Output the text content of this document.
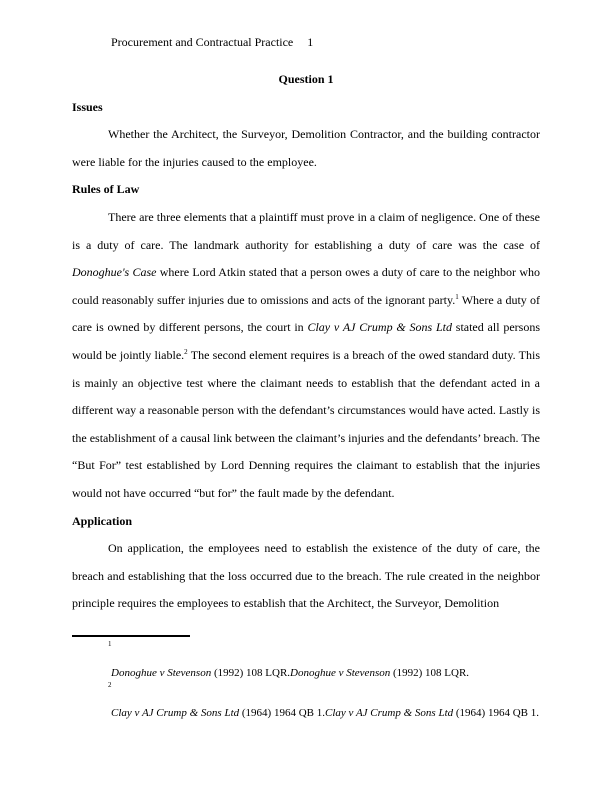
Procurement and Contractual Practice 1
Question 1
Issues

Whether the Architect, the Surveyor, Demolition Contractor, and the building contractor were liable for the injuries caused to the employee.

Rules of Law

There are three elements that a plaintiff must prove in a claim of negligence. One of these is a duty of care. The landmark authority for establishing a duty of care was the case of Donoghue's Case where Lord Atkin stated that a person owes a duty of care to the neighbor who could reasonably suffer injuries due to omissions and acts of the ignorant party.$^1$ Where a duty of care is owned by different persons, the court in Clay v AJ Crump & Sons Ltd stated all persons would be jointly liable.$^2$ The second element requires is a breach of the owed standard duty. This is mainly an objective test where the claimant needs to establish that the defendant acted in a different way a reasonable person with the defendant’s circumstances would have acted. Lastly is the establishment of a causal link between the claimant’s injuries and the defendants’ breach. The “But For” test established by Lord Denning requires the claimant to establish that the injuries would not have occurred “but for” the fault made by the defendant.

Application

On application, the employees need to establish the existence of the duty of care, the breach and establishing that the loss occurred due to the breach. The rule created in the neighbor principle requires the employees to establish that the Architect, the Surveyor, Demolition

1
Donoghue v Stevenson (1992) 108 LQR.Donoghue v Stevenson (1992) 108 LQR.
2
Clay v AJ Crump & Sons Ltd (1964) 1964 QB 1.Clay v AJ Crump & Sons Ltd (1964) 1964 QB 1.
